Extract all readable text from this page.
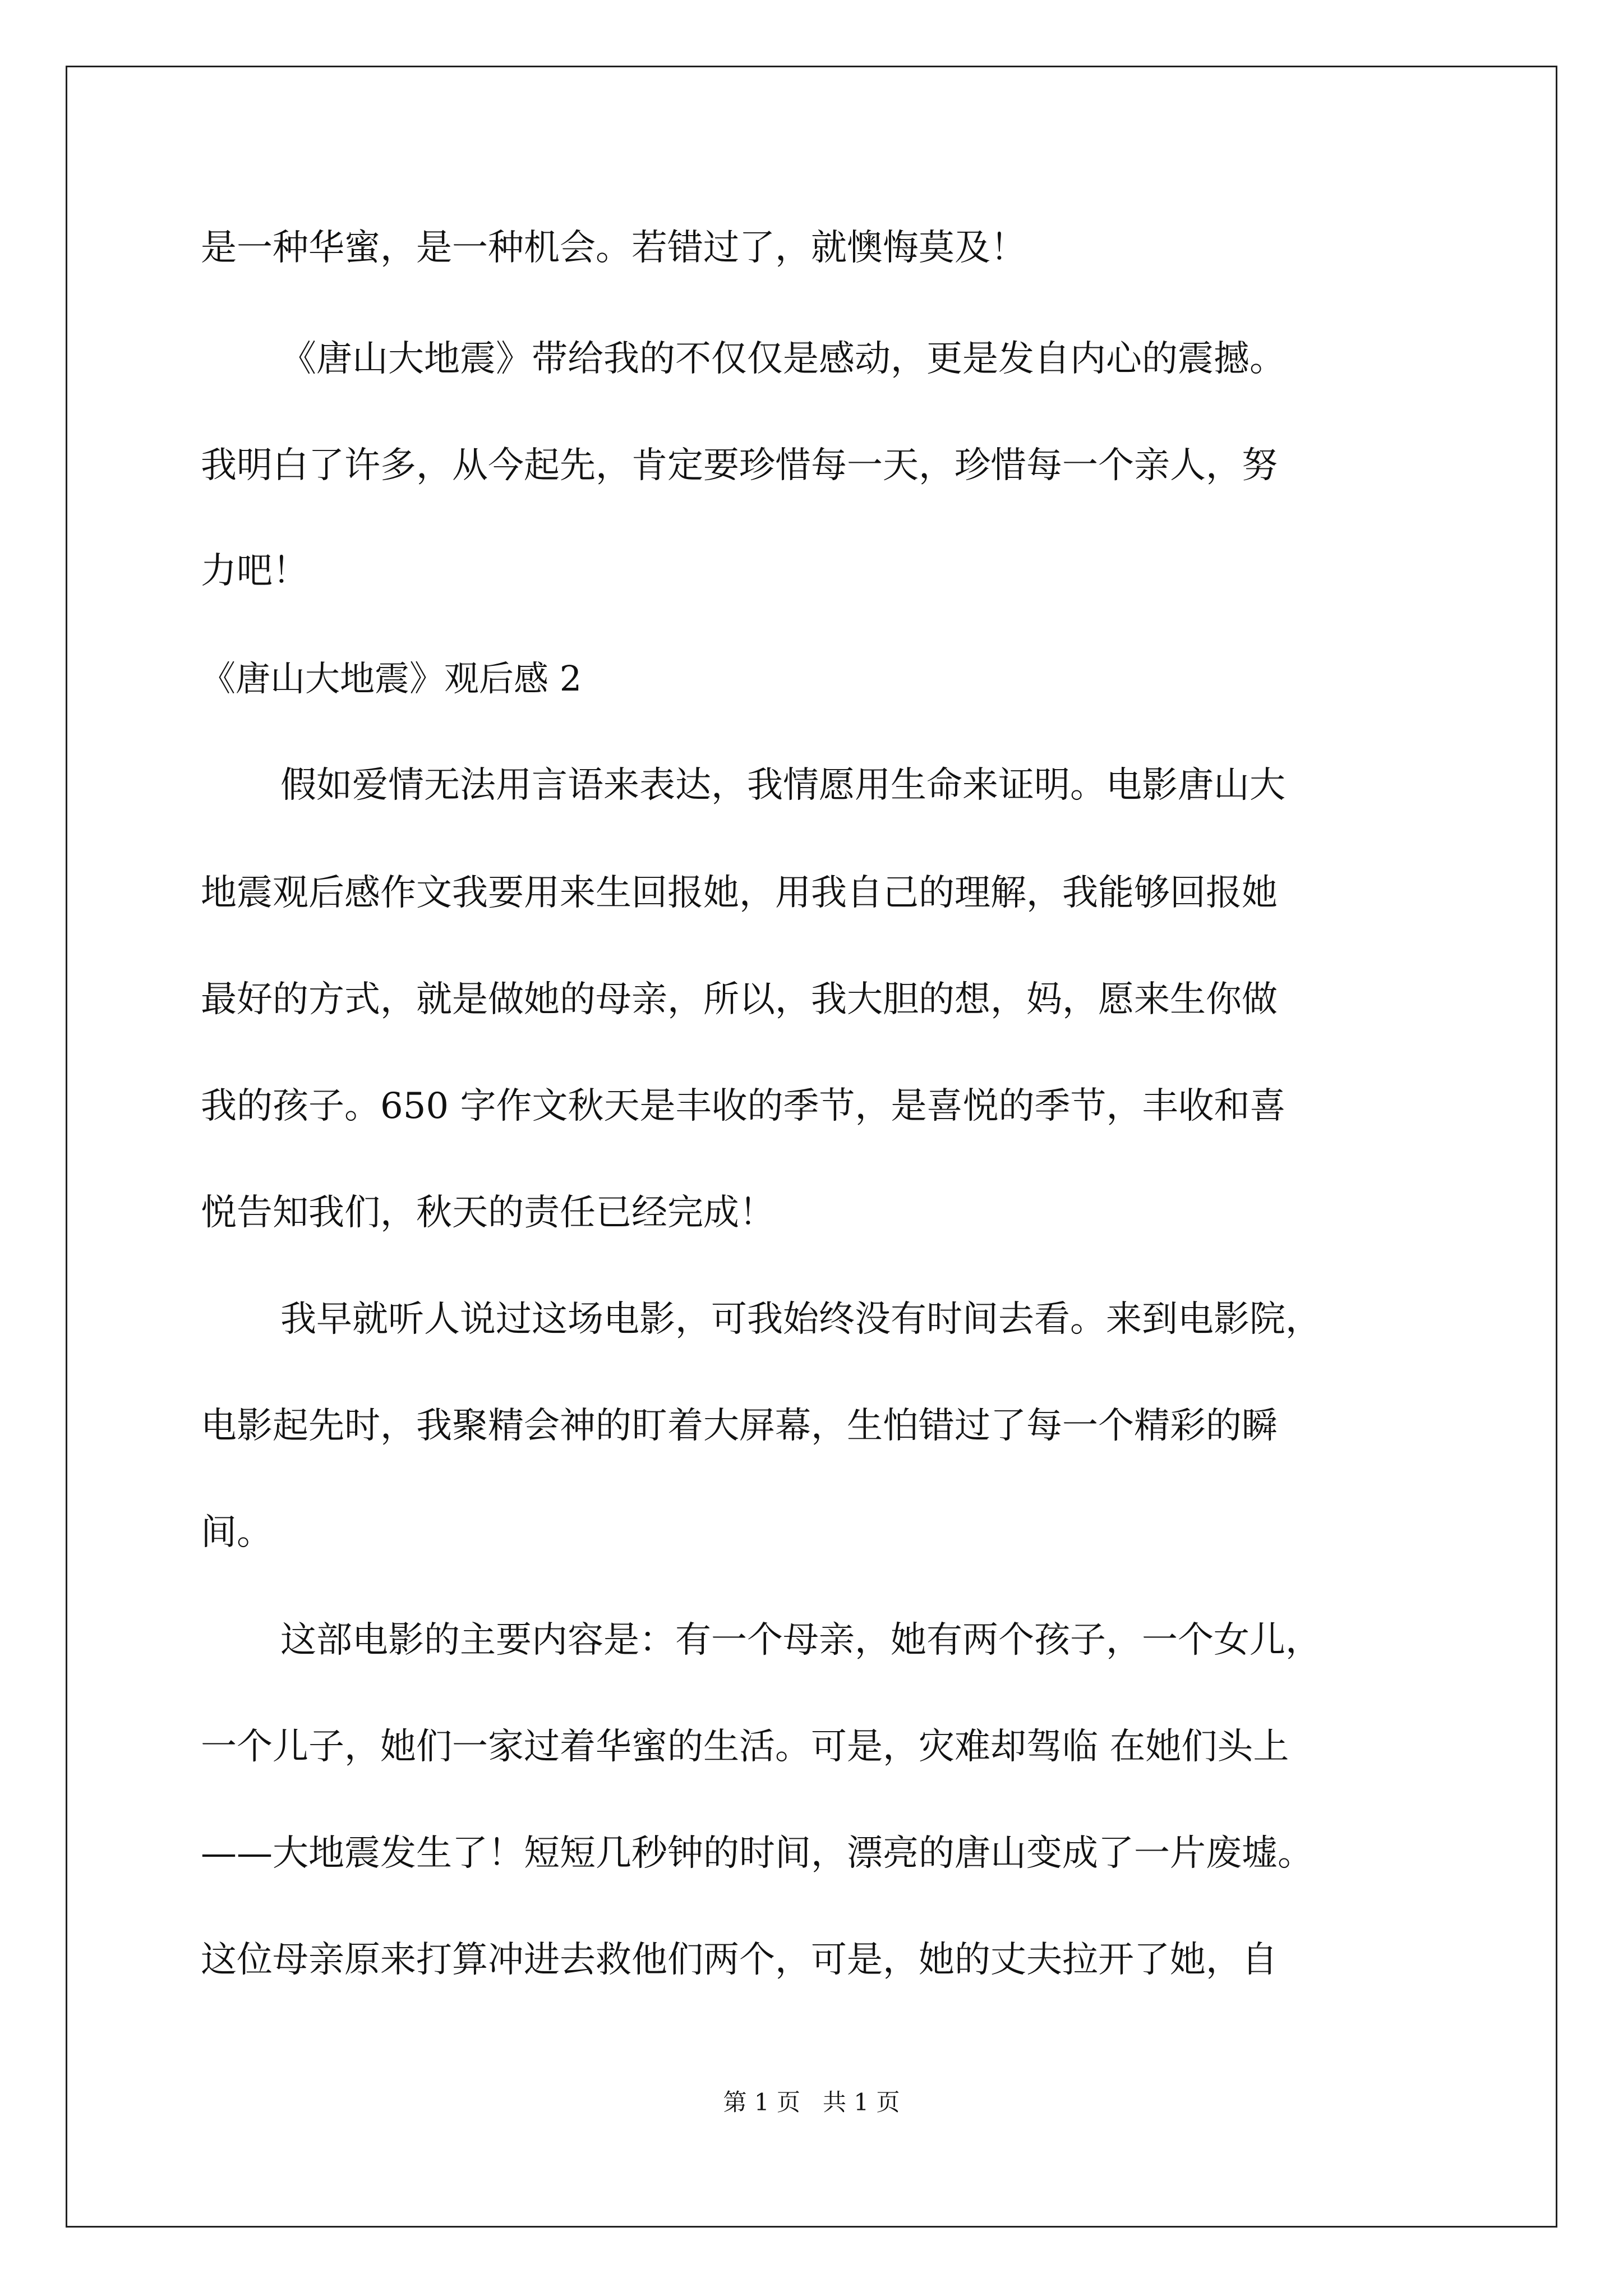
是一种华蜜，是一种机会。若错过了，就懊悔莫及！
《唐山大地震》带给我的不仅仅是感动，更是发自内心的震撼。
我明白了许多，从今起先，肯定要珍惜每一天，珍惜每一个亲人，努
力吧！
《唐山大地震》观后感 2
假如爱情无法用言语来表达，我情愿用生命来证明。电影唐山大
地震观后感作文我要用来生回报她，用我自己的理解，我能够回报她
最好的方式，就是做她的母亲，所以，我大胆的想，妈，愿来生你做
我的孩子。650 字作文秋天是丰收的季节，是喜悦的季节，丰收和喜
悦告知我们，秋天的责任已经完成！
我早就听人说过这场电影，可我始终没有时间去看。来到电影院，
电影起先时，我聚精会神的盯着大屏幕，生怕错过了每一个精彩的瞬
间。
这部电影的主要内容是：有一个母亲，她有两个孩子，一个女儿，
一个儿子，她们一家过着华蜜的生活。可是，灾难却驾临 在她们头上
——大地震发生了！短短几秒钟的时间，漂亮的唐山变成了一片废墟。
这位母亲原来打算冲进去救他们两个，可是，她的丈夫拉开了她，自
第 1 页   共 1 页
